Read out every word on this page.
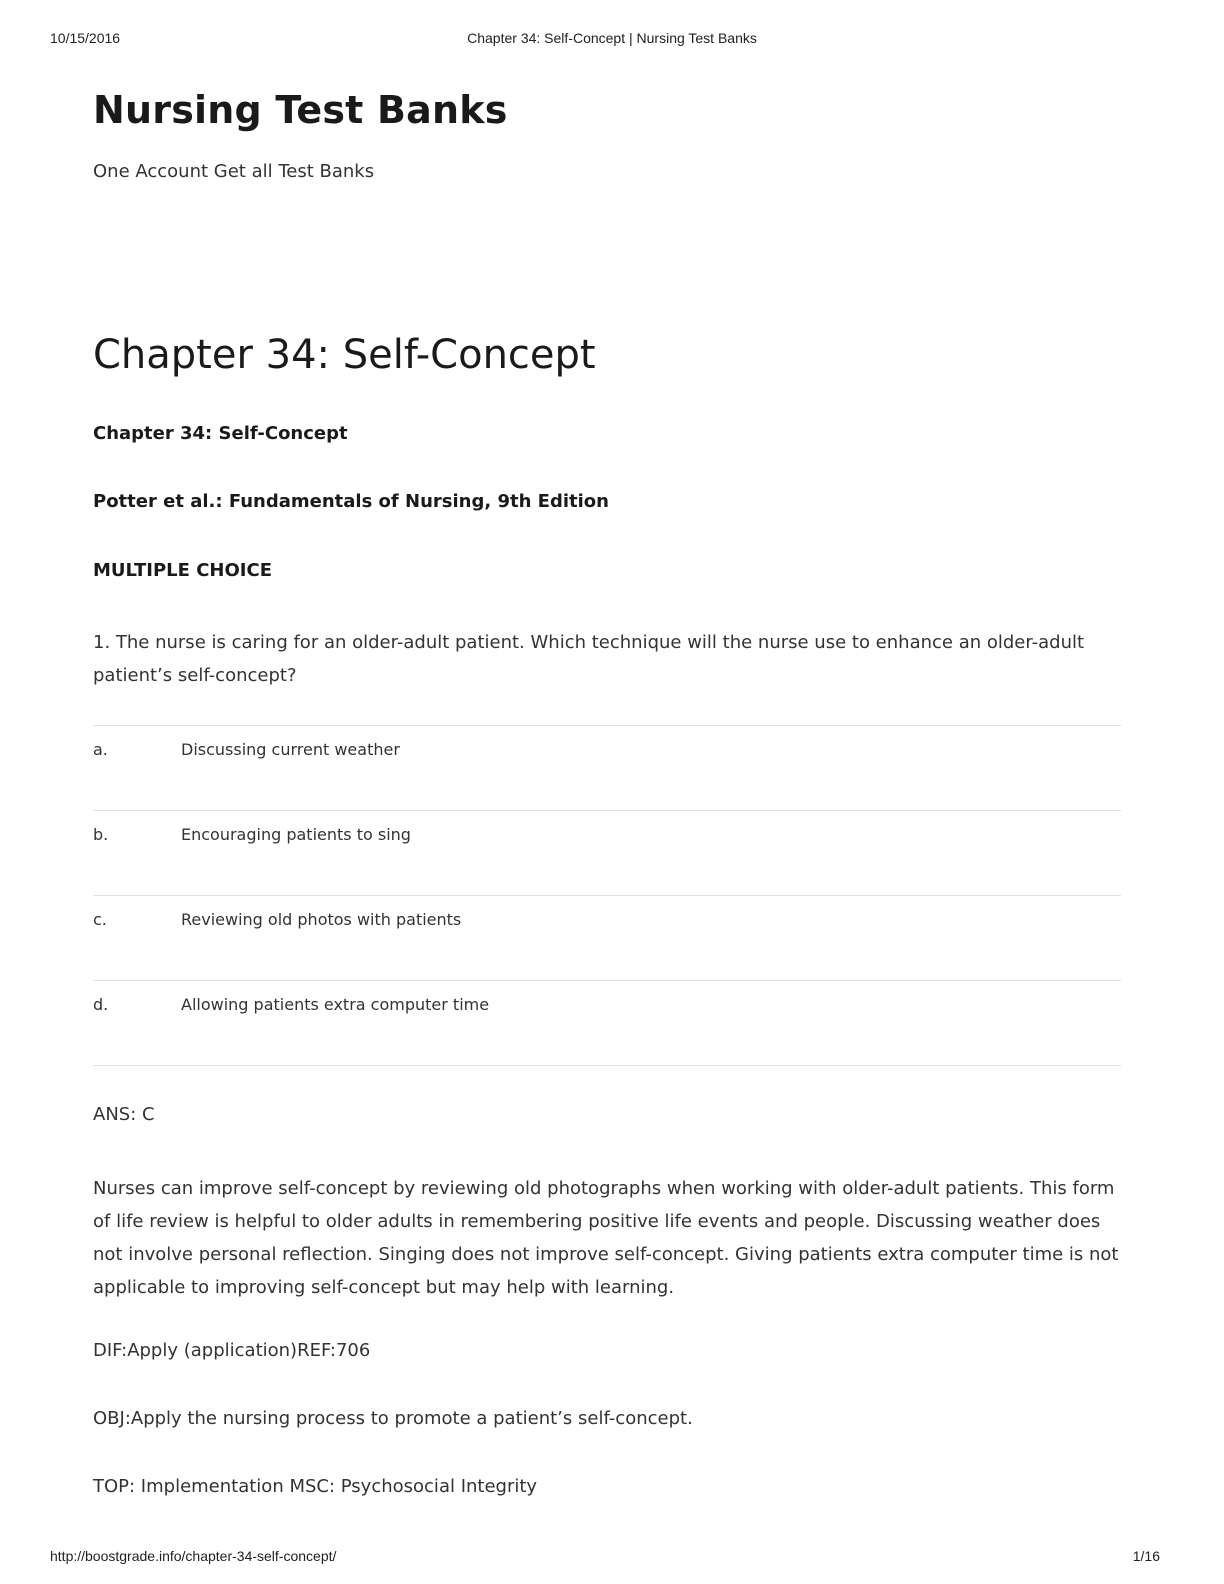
10/15/2016	Chapter 34: Self-Concept | Nursing Test Banks
Nursing Test Banks

One Account Get all Test Banks

Chapter 34: Self-Concept

Chapter 34: Self-Concept

Potter et al.: Fundamentals of Nursing, 9th Edition

MULTIPLE CHOICE

1. The nurse is caring for an older-adult patient. Which technique will the nurse use to enhance an older-adult patient’s self-concept?

a.	Discussing current weather
b.	Encouraging patients to sing
c.	Reviewing old photos with patients
d.	Allowing patients extra computer time

ANS: C

Nurses can improve self-concept by reviewing old photographs when working with older-adult patients. This form of life review is helpful to older adults in remembering positive life events and people. Discussing weather does not involve personal reflection. Singing does not improve self-concept. Giving patients extra computer time is not applicable to improving self-concept but may help with learning.

DIF:Apply (application)REF:706

OBJ:Apply the nursing process to promote a patient’s self-concept.

TOP: Implementation MSC: Psychosocial Integrity

http://boostgrade.info/chapter-34-self-concept/	1/16
